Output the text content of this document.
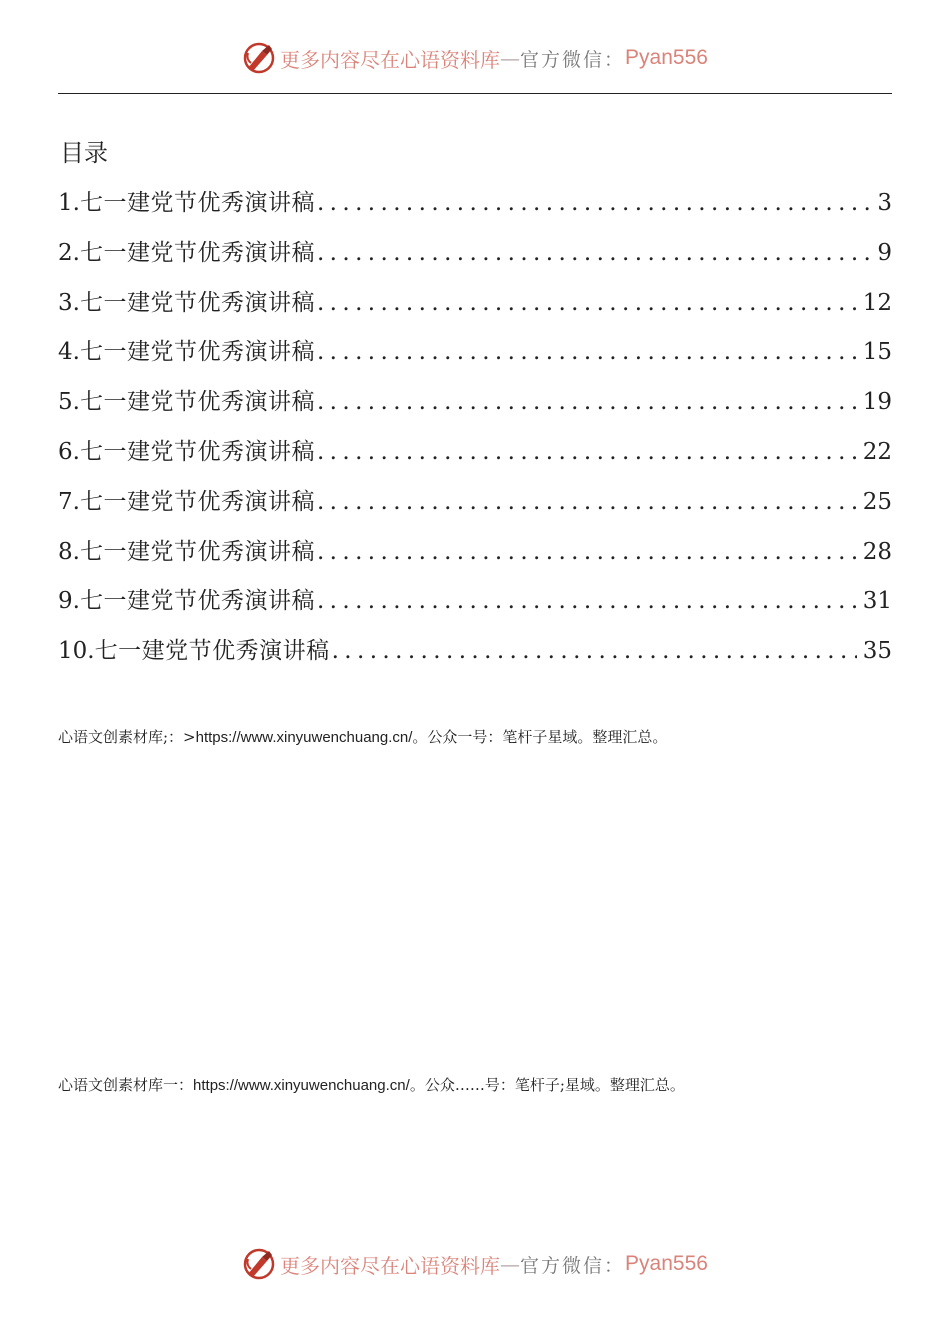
更多内容尽在心语资料库 — 官方微信： Pyan556
目录
1. 七一建党节优秀演讲稿 .....	3
2. 七一建党节优秀演讲稿 .....	9
3. 七一建党节优秀演讲稿 .....	12
4. 七一建党节优秀演讲稿 .....	15
5. 七一建党节优秀演讲稿 .....	19
6. 七一建党节优秀演讲稿 .....	22
7. 七一建党节优秀演讲稿 .....	25
8. 七一建党节优秀演讲稿 .....	28
9. 七一建党节优秀演讲稿 .....	31
10. 七一建党节优秀演讲稿 .....	35
心语文创素材库;：>https://www.xinyuwenchuang.cn/。公众一号：笔杆子星域。整理汇总。
心语文创素材库一：https://www.xinyuwenchuang.cn/。公众……号：笔杆子;星域。整理汇总。
更多内容尽在心语资料库 — 官方微信： Pyan556
